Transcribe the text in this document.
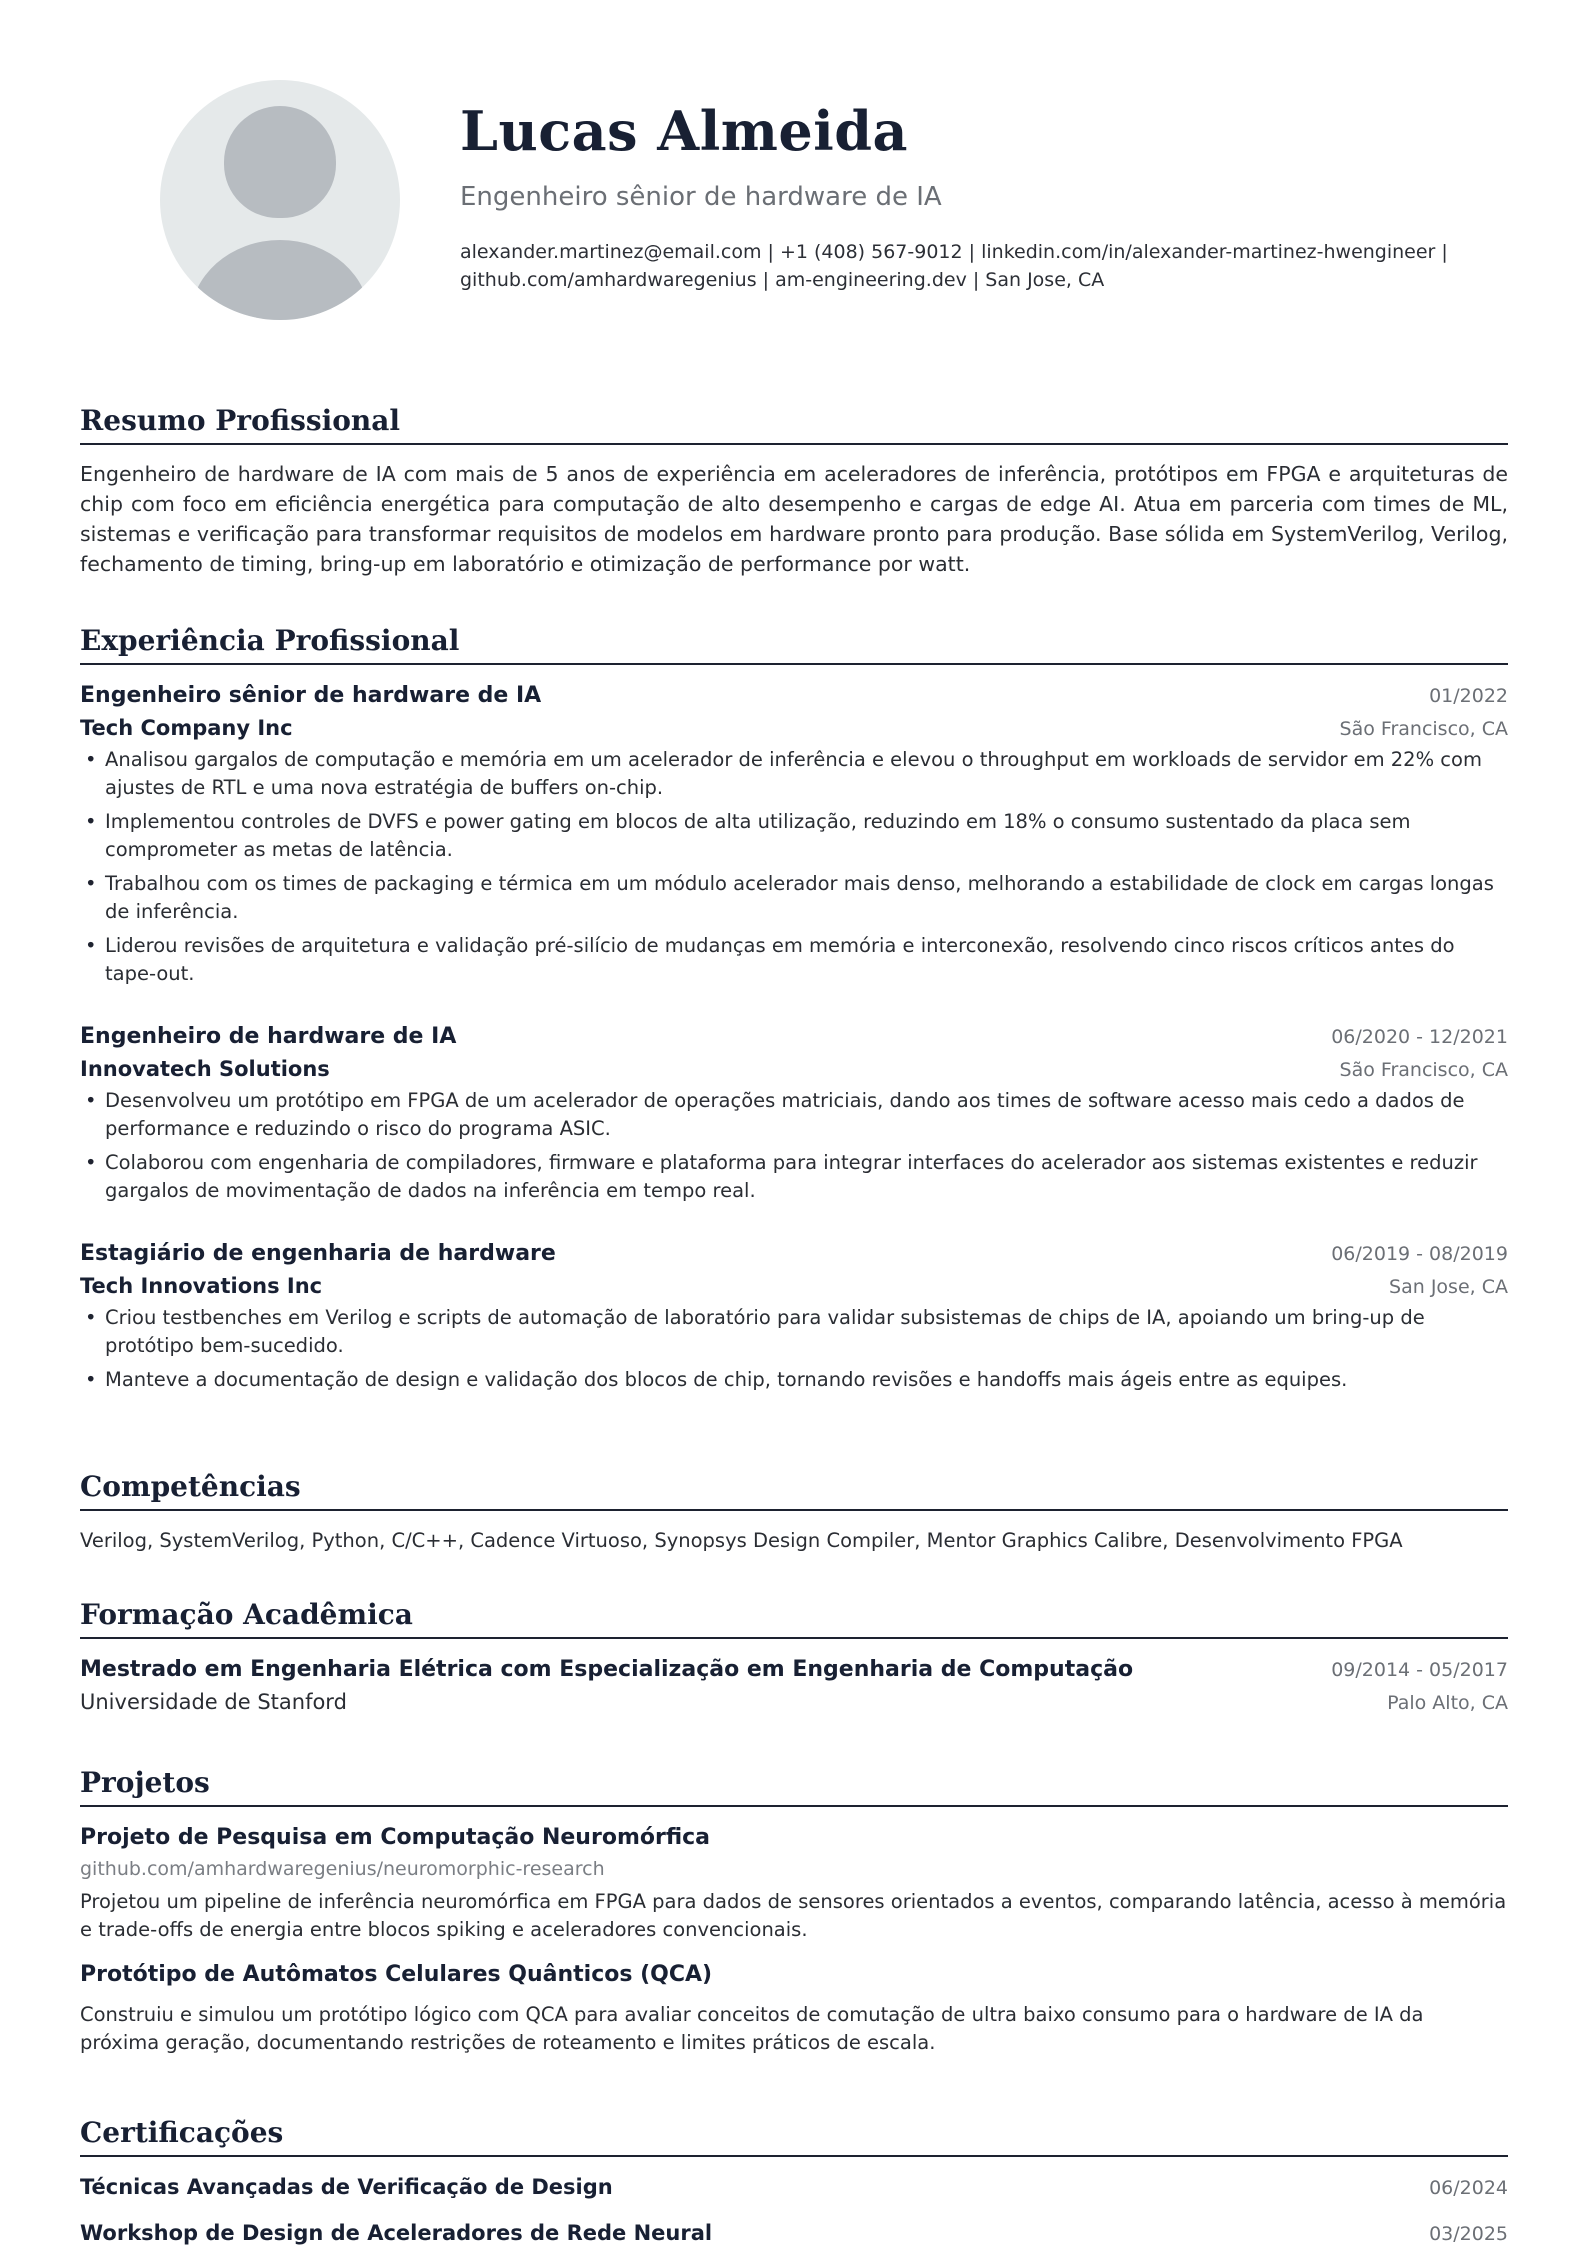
Lucas Almeida
Engenheiro sênior de hardware de IA
alexander.martinez@email.com | +1 (408) 567-9012 | linkedin.com/in/alexander-martinez-hwengineer |
github.com/amhardwaregenius | am-engineering.dev | San Jose, CA
Resumo Profissional
Engenheiro de hardware de IA com mais de 5 anos de experiência em aceleradores de inferência, protótipos em FPGA e arquiteturas de chip com foco em eficiência energética para computação de alto desempenho e cargas de edge AI. Atua em parceria com times de ML, sistemas e verificação para transformar requisitos de modelos em hardware pronto para produção. Base sólida em SystemVerilog, Verilog, fechamento de timing, bring-up em laboratório e otimização de performance por watt.
Experiência Profissional
Engenheiro sênior de hardware de IA	01/2022
Tech Company Inc	São Francisco, CA
• Analisou gargalos de computação e memória em um acelerador de inferência e elevou o throughput em workloads de servidor em 22% com ajustes de RTL e uma nova estratégia de buffers on-chip.
• Implementou controles de DVFS e power gating em blocos de alta utilização, reduzindo em 18% o consumo sustentado da placa sem comprometer as metas de latência.
• Trabalhou com os times de packaging e térmica em um módulo acelerador mais denso, melhorando a estabilidade de clock em cargas longas de inferência.
• Liderou revisões de arquitetura e validação pré-silício de mudanças em memória e interconexão, resolvendo cinco riscos críticos antes do tape-out.
Engenheiro de hardware de IA	06/2020 - 12/2021
Innovatech Solutions	São Francisco, CA
• Desenvolveu um protótipo em FPGA de um acelerador de operações matriciais, dando aos times de software acesso mais cedo a dados de performance e reduzindo o risco do programa ASIC.
• Colaborou com engenharia de compiladores, firmware e plataforma para integrar interfaces do acelerador aos sistemas existentes e reduzir gargalos de movimentação de dados na inferência em tempo real.
Estagiário de engenharia de hardware	06/2019 - 08/2019
Tech Innovations Inc	San Jose, CA
• Criou testbenches em Verilog e scripts de automação de laboratório para validar subsistemas de chips de IA, apoiando um bring-up de protótipo bem-sucedido.
• Manteve a documentação de design e validação dos blocos de chip, tornando revisões e handoffs mais ágeis entre as equipes.
Competências
Verilog, SystemVerilog, Python, C/C++, Cadence Virtuoso, Synopsys Design Compiler, Mentor Graphics Calibre, Desenvolvimento FPGA
Formação Acadêmica
Mestrado em Engenharia Elétrica com Especialização em Engenharia de Computação	09/2014 - 05/2017
Universidade de Stanford	Palo Alto, CA
Projetos
Projeto de Pesquisa em Computação Neuromórfica
github.com/amhardwaregenius/neuromorphic-research
Projetou um pipeline de inferência neuromórfica em FPGA para dados de sensores orientados a eventos, comparando latência, acesso à memória e trade-offs de energia entre blocos spiking e aceleradores convencionais.
Protótipo de Autômatos Celulares Quânticos (QCA)
Construiu e simulou um protótipo lógico com QCA para avaliar conceitos de comutação de ultra baixo consumo para o hardware de IA da próxima geração, documentando restrições de roteamento e limites práticos de escala.
Certificações
Técnicas Avançadas de Verificação de Design	06/2024
Workshop de Design de Aceleradores de Rede Neural	03/2025
